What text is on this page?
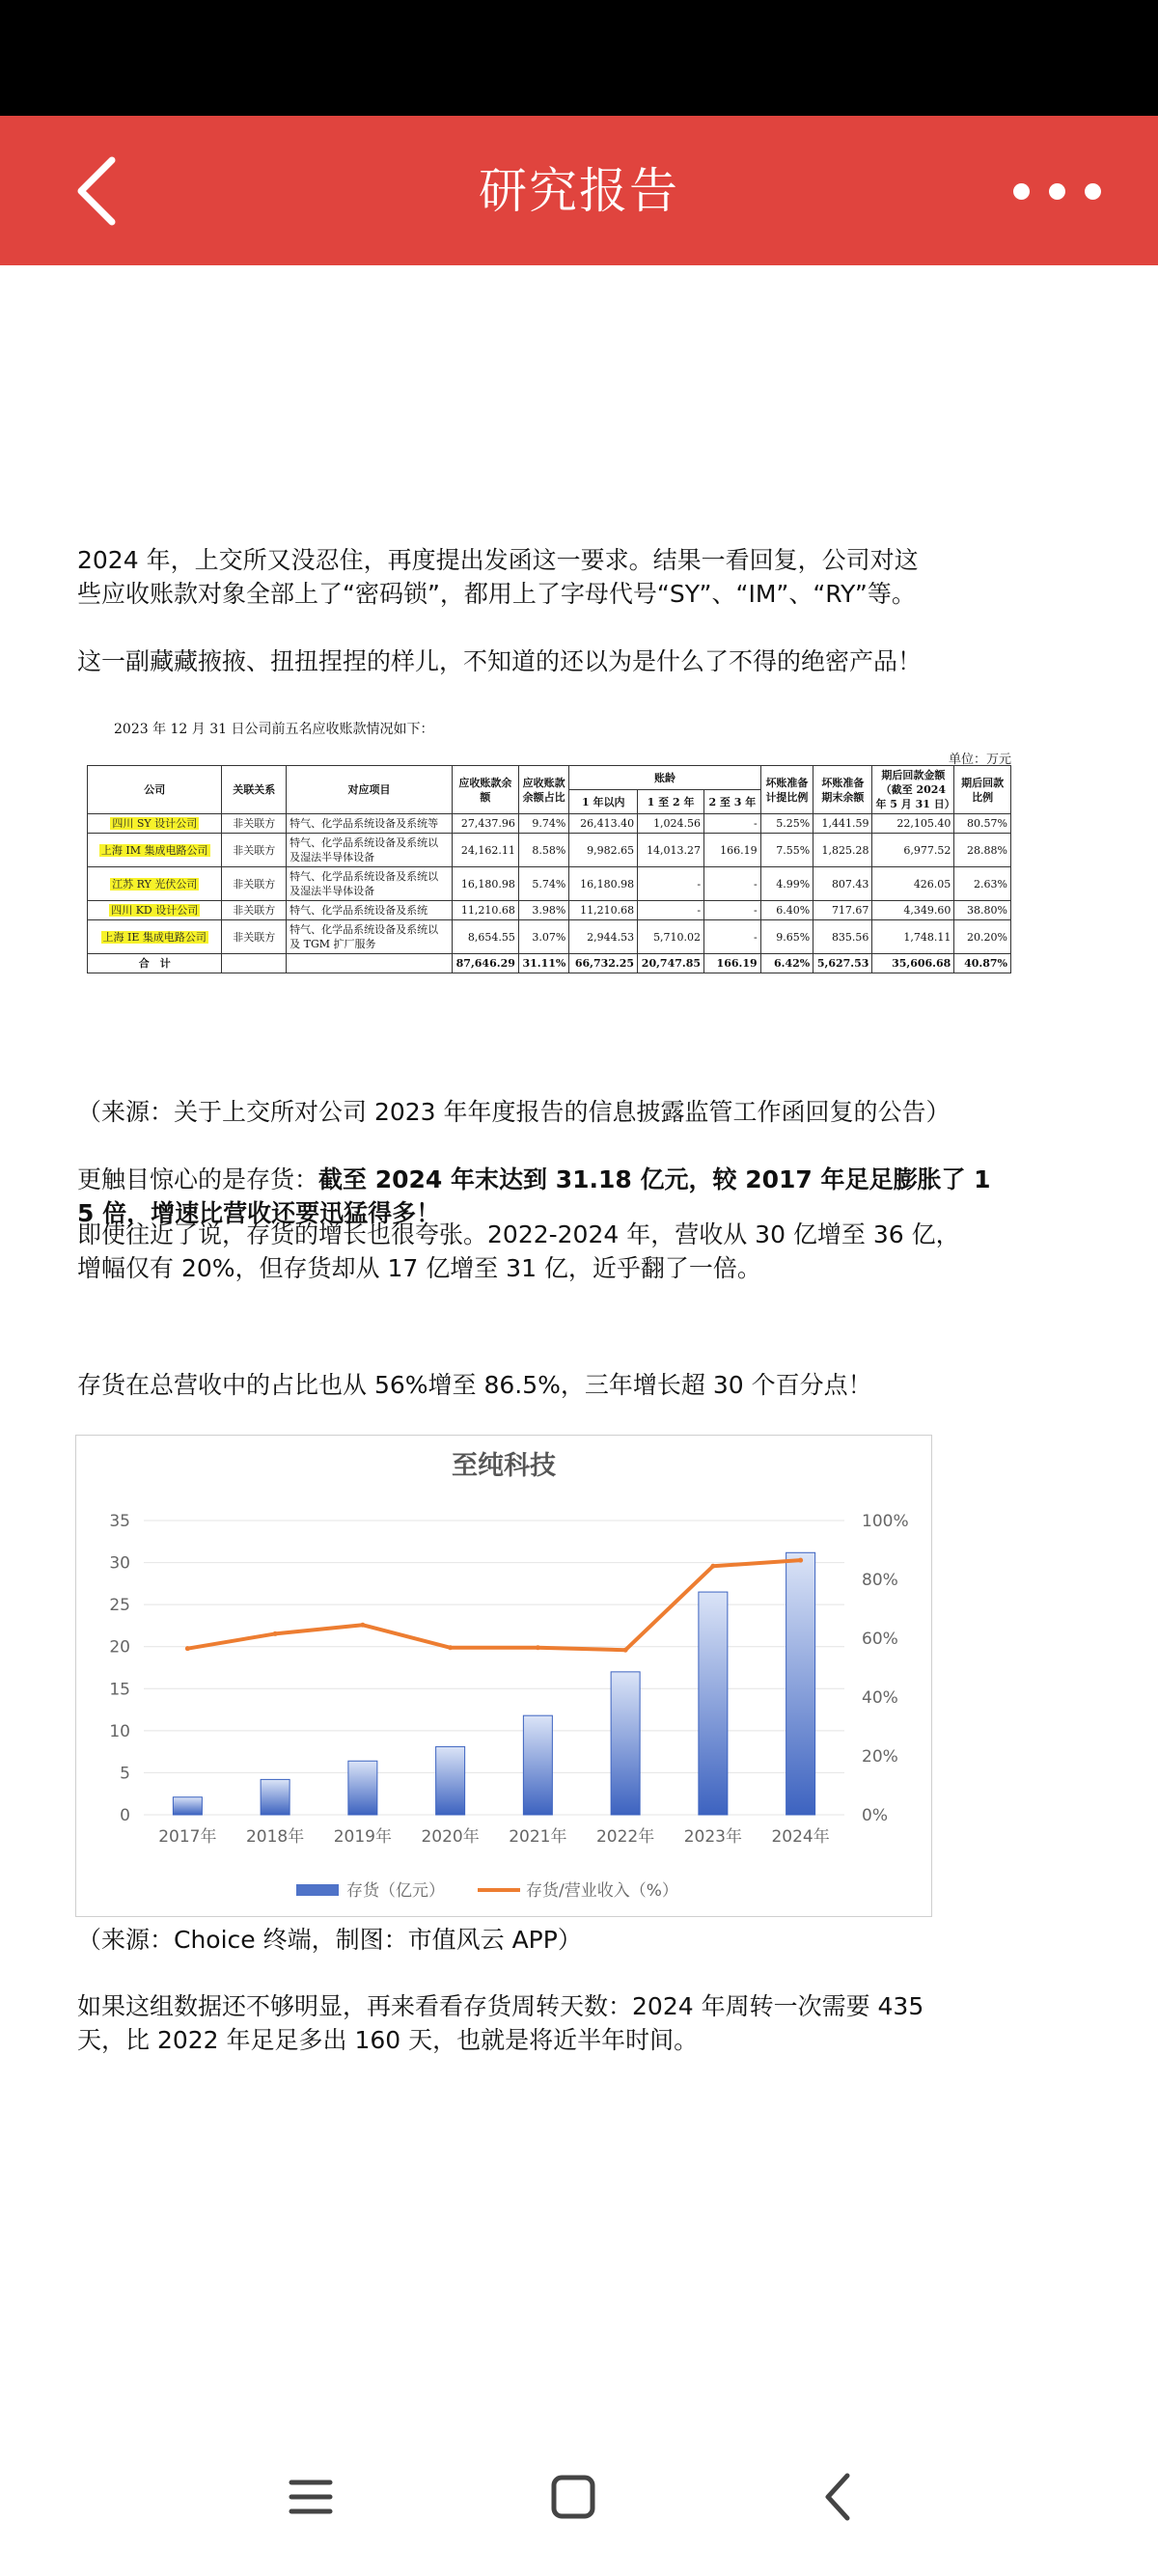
研究报告
2024 年，上交所又没忍住，再度提出发函这一要求。结果一看回复，公司对这
些应收账款对象全部上了“密码锁”，都用上了字母代号“SY”、“IM”、“RY”等。
这一副藏藏掖掖、扭扭捏捏的样儿，不知道的还以为是什么了不得的绝密产品！
2023 年 12 月 31 日公司前五名应收账款情况如下：
单位：万元
公司	关联关系	对应项目	应收账款余额	应收账款余额占比	账龄			坏账准备计提比例	坏账准备期末余额	期后回款金额（截至 2024 年 5 月 31 日）	期后回款比例
					1 年以内	1 至 2 年	2 至 3 年				
四川 SY 设计公司	非关联方	特气、化学品系统设备及系统等	27,437.96	9.74%	26,413.40	1,024.56	-	5.25%	1,441.59	22,105.40	80.57%
上海 IM 集成电路公司	非关联方	特气、化学品系统设备及系统以及湿法半导体设备	24,162.11	8.58%	9,982.65	14,013.27	166.19	7.55%	1,825.28	6,977.52	28.88%
江苏 RY 光伏公司	非关联方	特气、化学品系统设备及系统以及湿法半导体设备	16,180.98	5.74%	16,180.98	-	-	4.99%	807.43	426.05	2.63%
四川 KD 设计公司	非关联方	特气、化学品系统设备及系统	11,210.68	3.98%	11,210.68	-	-	6.40%	717.67	4,349.60	38.80%
上海 IE 集成电路公司	非关联方	特气、化学品系统设备及系统以及 TGM 扩厂服务	8,654.55	3.07%	2,944.53	5,710.02	-	9.65%	835.56	1,748.11	20.20%
合　计			87,646.29	31.11%	66,732.25	20,747.85	166.19	6.42%	5,627.53	35,606.68	40.87%
（来源：关于上交所对公司 2023 年年度报告的信息披露监管工作函回复的公告）
更触目惊心的是存货：截至 2024 年末达到 31.18 亿元，较 2017 年足足膨胀了 1
5 倍，增速比营收还要迅猛得多！
即使往近了说，存货的增长也很夸张。2022-2024 年，营收从 30 亿增至 36 亿，
增幅仅有 20%，但存货却从 17 亿增至 31 亿，近乎翻了一倍。
存货在总营收中的占比也从 56%增至 86.5%，三年增长超 30 个百分点！
至纯科技
0
5
10
15
20
25
30
35
0%
20%
40%
60%
80%
100%
2017年 2018年 2019年 2020年 2021年 2022年 2023年 2024年
存货（亿元）	存货/营业收入（%）
（来源：Choice 终端，制图：市值风云 APP）
如果这组数据还不够明显，再来看看存货周转天数：2024 年周转一次需要 435
天，比 2022 年足足多出 160 天，也就是将近半年时间。
